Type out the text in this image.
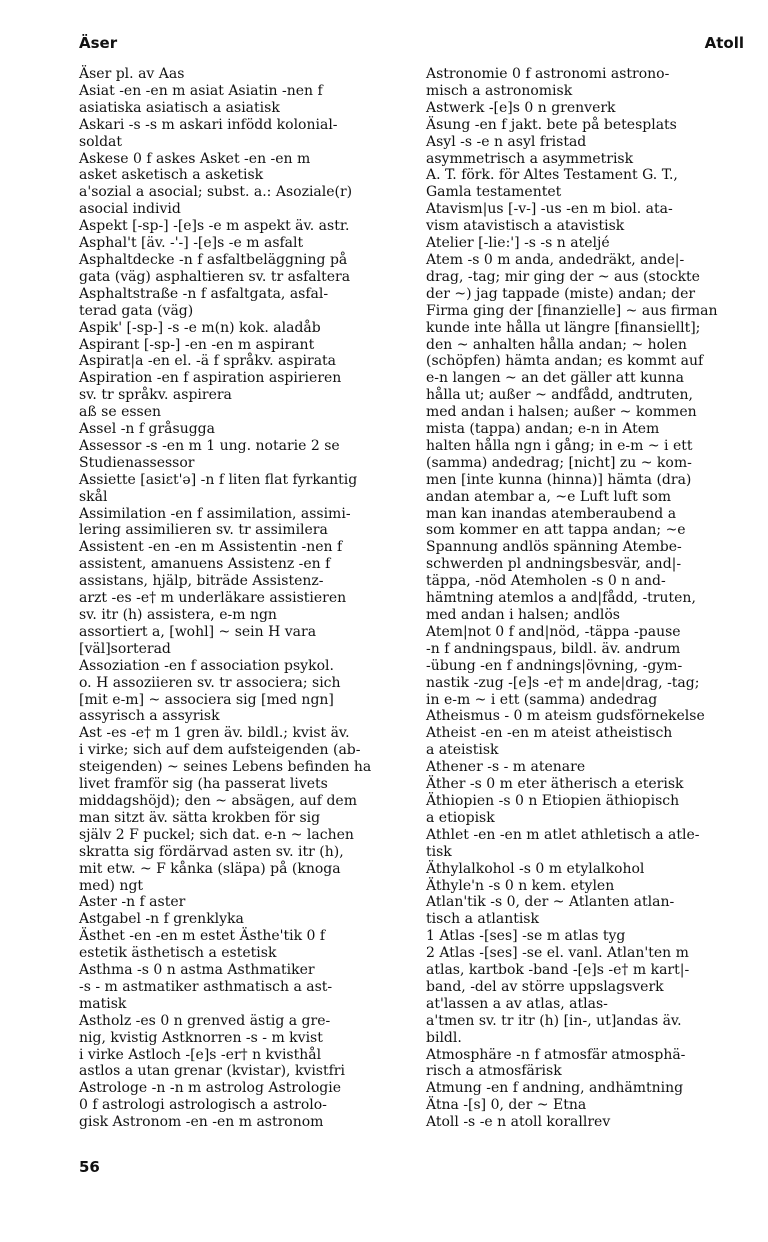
Äser	Atoll
Äser pl. av Aas
Asiat -en -en m asiat Asiatin -nen f
asiatiska asiatisch a asiatisk
Askari -s -s m askari infödd kolonial-
soldat
Askese 0 f askes Asket -en -en m
asket asketisch a asketisk
a'sozial a asocial; subst. a.: Asoziale(r)
asocial individ
Aspekt [-sp-] -[e]s -e m aspekt äv. astr.
Asphal't [äv. -'-] -[e]s -e m asfalt
Asphaltdecke -n f asfaltbeläggning på
gata (väg) asphaltieren sv. tr asfaltera
Asphaltstraße -n f asfaltgata, asfal-
terad gata (väg)
Aspik' [-sp-] -s -e m(n) kok. aladåb
Aspirant [-sp-] -en -en m aspirant
Aspirat|a -en el. -ä f språkv. aspirata
Aspiration -en f aspiration aspirieren
sv. tr språkv. aspirera
aß se essen
Assel -n f gråsugga
Assessor -s -en m 1 ung. notarie 2 se
Studienassessor
Assiette [asiɛt'ə] -n f liten flat fyrkantig
skål
Assimilation -en f assimilation, assimi-
lering assimilieren sv. tr assimilera
Assistent -en -en m Assistentin -nen f
assistent, amanuens Assistenz -en f
assistans, hjälp, biträde Assistenz-
arzt -es -e† m underläkare assistieren
sv. itr (h) assistera, e-m ngn
assortiert a, [wohl] ~ sein H vara
[väl]sorterad
Assoziation -en f association psykol.
o. H assoziieren sv. tr associera; sich
[mit e-m] ~ associera sig [med ngn]
assyrisch a assyrisk
Ast -es -e† m 1 gren äv. bildl.; kvist äv.
i virke; sich auf dem aufsteigenden (ab-
steigenden) ~ seines Lebens befinden ha
livet framför sig (ha passerat livets
middagshöjd); den ~ absägen, auf dem
man sitzt äv. sätta krokben för sig
själv 2 F puckel; sich dat. e-n ~ lachen
skratta sig fördärvad asten sv. itr (h),
mit etw. ~ F kånka (släpa) på (knoga
med) ngt
Aster -n f aster
Astgabel -n f grenklyka
Ästhet -en -en m estet Ästhe'tik 0 f
estetik ästhetisch a estetisk
Asthma -s 0 n astma Asthmatiker
-s - m astmatiker asthmatisch a ast-
matisk
Astholz -es 0 n grenved ästig a gre-
nig, kvistig Astknorren -s - m kvist
i virke Astloch -[e]s -er† n kvisthål
astlos a utan grenar (kvistar), kvistfri
Astrologe -n -n m astrolog Astrologie
0 f astrologi astrologisch a astrolo-
gisk Astronom -en -en m astronom
Astronomie 0 f astronomi astrono-
misch a astronomisk
Astwerk -[e]s 0 n grenverk
Äsung -en f jakt. bete på betesplats
Asyl -s -e n asyl fristad
asymmetrisch a asymmetrisk
A. T. förk. för Altes Testament G. T.,
Gamla testamentet
Atavism|us [-v-] -us -en m biol. ata-
vism atavistisch a atavistisk
Atelier [-lie:'] -s -s n ateljé
Atem -s 0 m anda, andedräkt, ande|-
drag, -tag; mir ging der ~ aus (stockte
der ~) jag tappade (miste) andan; der
Firma ging der [finanzielle] ~ aus firman
kunde inte hålla ut längre [finansiellt];
den ~ anhalten hålla andan; ~ holen
(schöpfen) hämta andan; es kommt auf
e-n langen ~ an det gäller att kunna
hålla ut; außer ~ andfådd, andtruten,
med andan i halsen; außer ~ kommen
mista (tappa) andan; e-n in Atem
halten hålla ngn i gång; in e-m ~ i ett
(samma) andedrag; [nicht] zu ~ kom-
men [inte kunna (hinna)] hämta (dra)
andan atembar a, ~e Luft luft som
man kan inandas atemberaubend a
som kommer en att tappa andan; ~e
Spannung andlös spänning Atembe-
schwerden pl andningsbesvär, and|-
täppa, -nöd Atemholen -s 0 n and-
hämtning atemlos a and|fådd, -truten,
med andan i halsen; andlös
Atem|not 0 f and|nöd, -täppa -pause
-n f andningspaus, bildl. äv. andrum
-übung -en f andnings|övning, -gym-
nastik -zug -[e]s -e† m ande|drag, -tag;
in e-m ~ i ett (samma) andedrag
Atheismus - 0 m ateism gudsförnekelse
Atheist -en -en m ateist atheistisch
a ateistisk
Athener -s - m atenare
Äther -s 0 m eter ätherisch a eterisk
Äthiopien -s 0 n Etiopien äthiopisch
a etiopisk
Athlet -en -en m atlet athletisch a atle-
tisk
Äthylalkohol -s 0 m etylalkohol
Äthyle'n -s 0 n kem. etylen
Atlan'tik -s 0, der ~ Atlanten atlan-
tisch a atlantisk
1 Atlas -[ses] -se m atlas tyg
2 Atlas -[ses] -se el. vanl. Atlan'ten m
atlas, kartbok -band -[e]s -e† m kart|-
band, -del av större uppslagsverk
at'lassen a av atlas, atlas-
a'tmen sv. tr itr (h) [in-, ut]andas äv.
bildl.
Atmosphäre -n f atmosfär atmosphä-
risch a atmosfärisk
Atmung -en f andning, andhämtning
Ätna -[s] 0, der ~ Etna
Atoll -s -e n atoll korallrev
56
